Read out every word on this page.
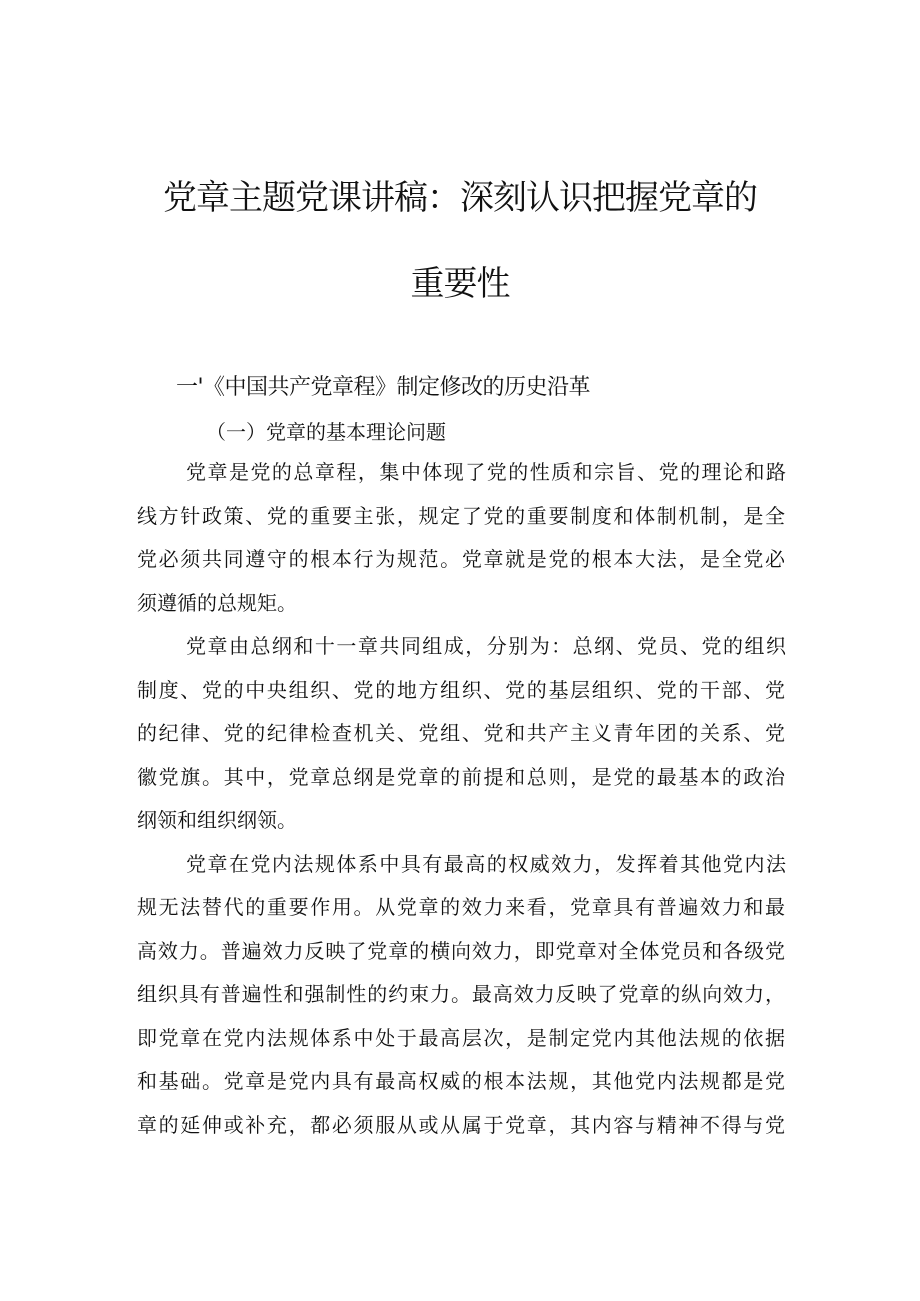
党章主题党课讲稿：深刻认识把握党章的
重要性
一'《中国共产党章程》制定修改的历史沿革
（一）党章的基本理论问题
党章是党的总章程，集中体现了党的性质和宗旨、党的理论和路
线方针政策、党的重要主张，规定了党的重要制度和体制机制，是全
党必须共同遵守的根本行为规范。党章就是党的根本大法，是全党必
须遵循的总规矩。
党章由总纲和十一章共同组成，分别为：总纲、党员、党的组织
制度、党的中央组织、党的地方组织、党的基层组织、党的干部、党
的纪律、党的纪律检查机关、党组、党和共产主义青年团的关系、党
徽党旗。其中，党章总纲是党章的前提和总则，是党的最基本的政治
纲领和组织纲领。
党章在党内法规体系中具有最高的权威效力，发挥着其他党内法
规无法替代的重要作用。从党章的效力来看，党章具有普遍效力和最
高效力。普遍效力反映了党章的横向效力，即党章对全体党员和各级党
组织具有普遍性和强制性的约束力。最高效力反映了党章的纵向效力，
即党章在党内法规体系中处于最高层次，是制定党内其他法规的依据
和基础。党章是党内具有最高权威的根本法规，其他党内法规都是党
章的延伸或补充，都必须服从或从属于党章，其内容与精神不得与党
